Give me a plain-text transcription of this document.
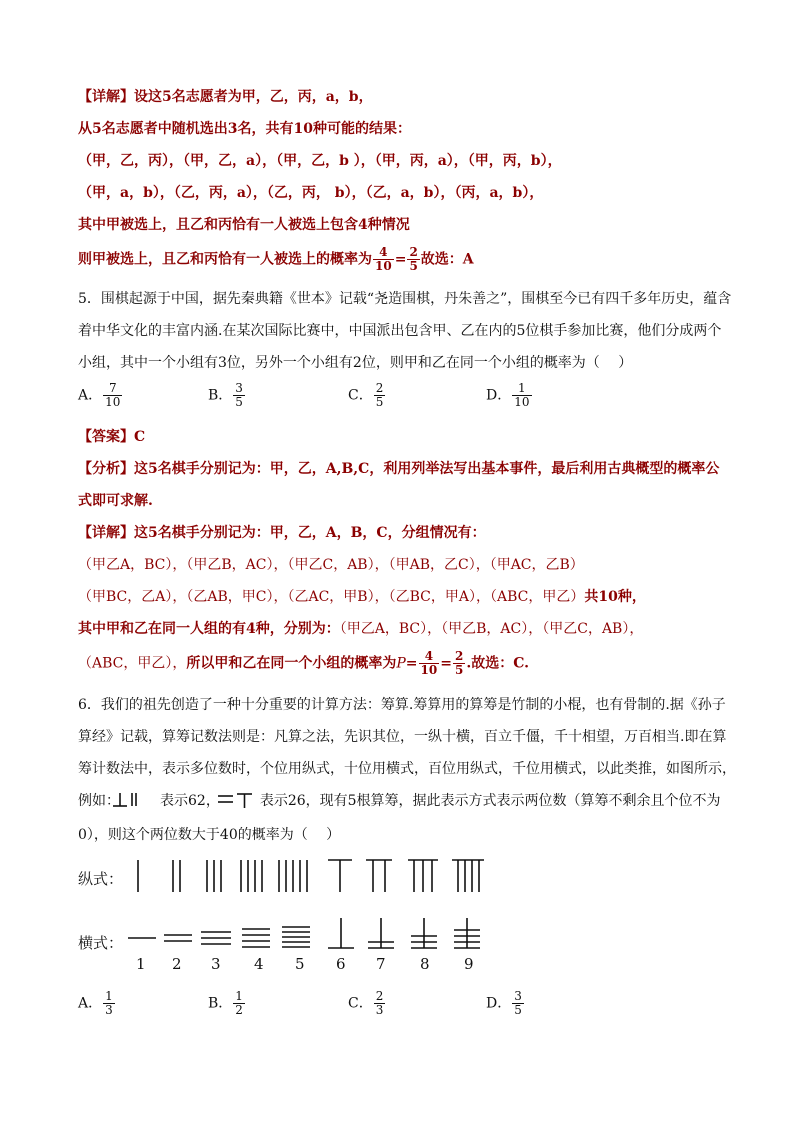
【详解】设这5名志愿者为甲，乙，丙，a，b，
从5名志愿者中随机选出3名，共有10种可能的结果：
（甲，乙，丙），（甲，乙，a），（甲，乙，b ），（甲，丙，a），（甲，丙，b），
（甲，a，b），（乙，丙，a），（乙，丙， b），（乙，a，b），（丙，a，b），
其中甲被选上，且乙和丙恰有一人被选上包含4种情况
则甲被选上，且乙和丙恰有一人被选上的概率为 $\frac{4}{10} = \frac{2}{5}$ 故选：A
5．围棋起源于中国，据先秦典籍《世本》记载“尧造围棋，丹朱善之”，围棋至今已有四千多年历史，蕴含
着中华文化的丰富内涵.在某次国际比赛中，中国派出包含甲、乙在内的5位棋手参加比赛，他们分成两个
小组，其中一个小组有3位，另外一个小组有2位，则甲和乙在同一个小组的概率为（　 ）
A． $\frac{7}{10}$	B． $\frac{3}{5}$	C． $\frac{2}{5}$	D． $\frac{1}{10}$
【答案】C
【分析】这5名棋手分别记为：甲，乙，A,B,C，利用列举法写出基本事件，最后利用古典概型的概率公
式即可求解.
【详解】这5名棋手分别记为：甲，乙，A，B，C，分组情况有：
（甲乙A，BC），（甲乙B，AC），（甲乙C，AB），（甲AB，乙C），（甲AC，乙B）
（甲BC，乙A），（乙AB，甲C），（乙AC，甲B），（乙BC，甲A），（ABC，甲乙）共10种，
其中甲和乙在同一人组的有4种，分别为：（甲乙A，BC），（甲乙B，AC），（甲乙C，AB），
（ABC，甲乙），所以甲和乙在同一个小组的概率为$P= \frac{4}{10} = \frac{2}{5}$ .故选：C.
6．我们的祖先创造了一种十分重要的计算方法：筹算.筹算用的算筹是竹制的小棍，也有骨制的.据《孙子
算经》记载，算筹记数法则是：凡算之法，先识其位，一纵十横，百立千僵，千十相望，万百相当.即在算
筹计数法中，表示多位数时，个位用纵式，十位用横式，百位用纵式，千位用横式，以此类推，如图所示，
例如：	表示62，	表示26，现有5根算筹，据此表示方式表示两位数（算筹不剩余且个位不为
0），则这个两位数大于40的概率为（　 ）
纵式：
横式：
1 2 3 4 5 6 7 8 9
A． $\frac{1}{3}$	B． $\frac{1}{2}$	C． $\frac{2}{3}$	D． $\frac{3}{5}$
